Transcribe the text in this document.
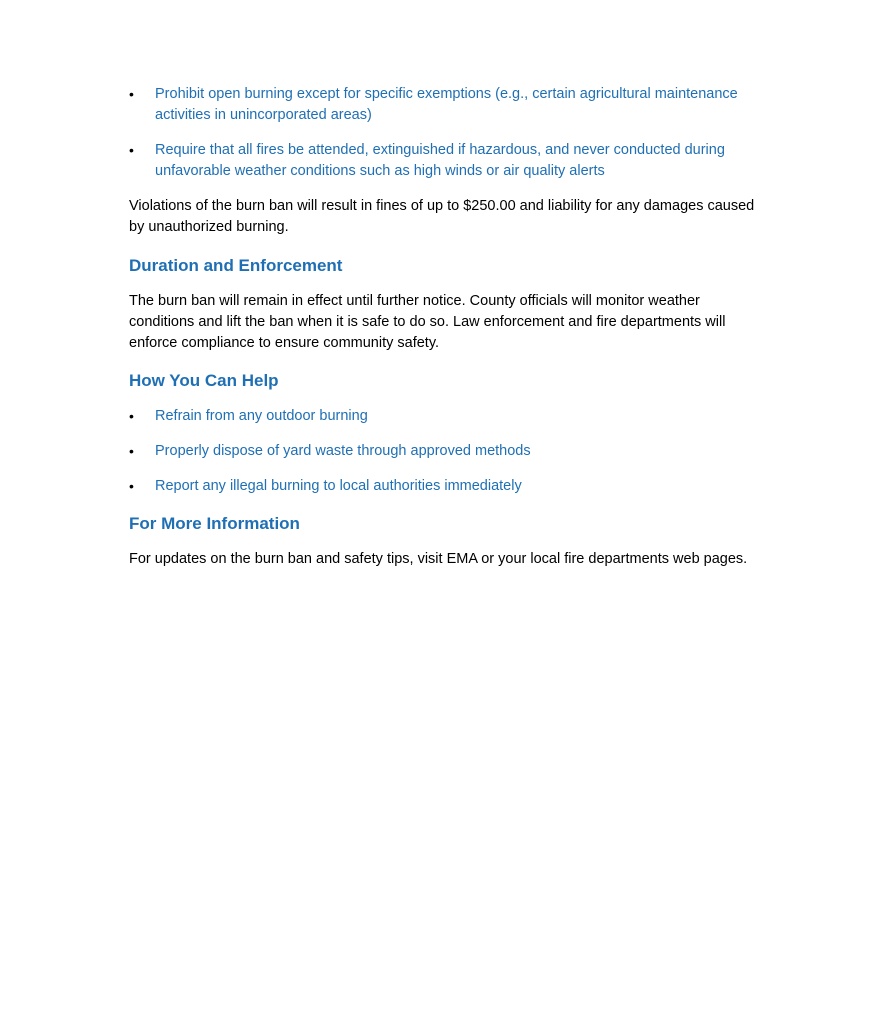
• Prohibit open burning except for specific exemptions (e.g., certain agricultural maintenance activities in unincorporated areas)
• Require that all fires be attended, extinguished if hazardous, and never conducted during unfavorable weather conditions such as high winds or air quality alerts

Violations of the burn ban will result in fines of up to $250.00 and liability for any damages caused by unauthorized burning.

Duration and Enforcement

The burn ban will remain in effect until further notice. County officials will monitor weather conditions and lift the ban when it is safe to do so. Law enforcement and fire departments will enforce compliance to ensure community safety.

How You Can Help
• Refrain from any outdoor burning
• Properly dispose of yard waste through approved methods
• Report any illegal burning to local authorities immediately
For More Information

For updates on the burn ban and safety tips, visit EMA or your local fire departments web pages.
